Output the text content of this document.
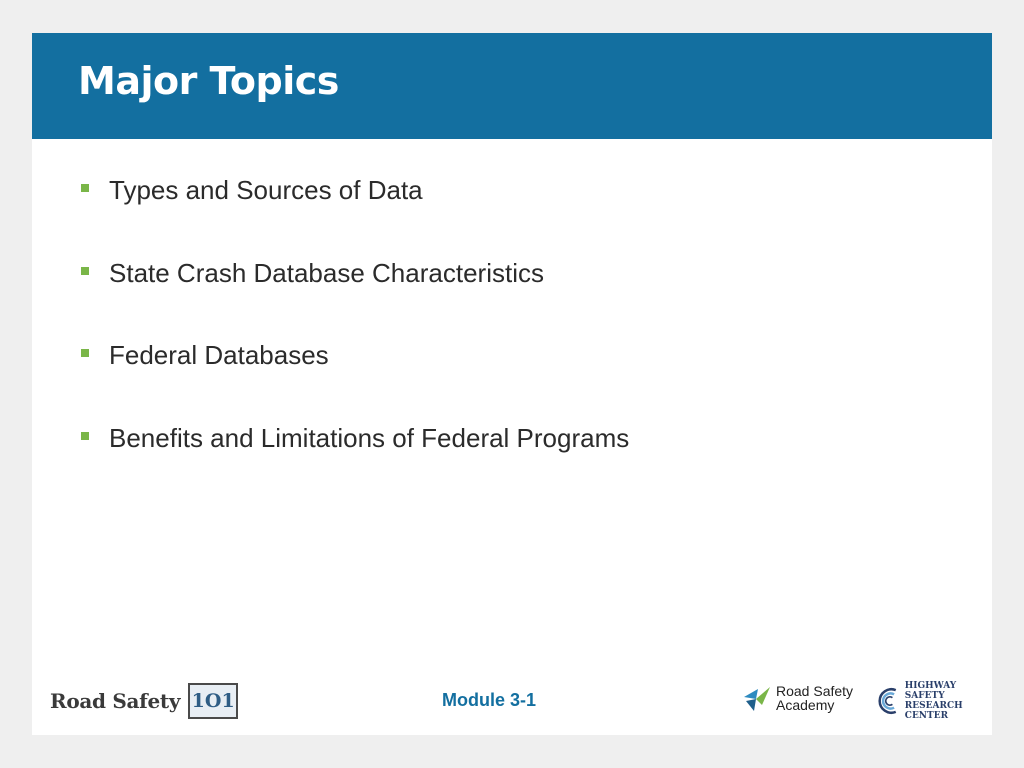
Major Topics
Types and Sources of Data
State Crash Database Characteristics
Federal Databases
Benefits and Limitations of Federal Programs
Road Safety 1O1	Module 3-1	Road Safety
Academy
HIGHWAY SAFETY
RESEARCH CENTER
